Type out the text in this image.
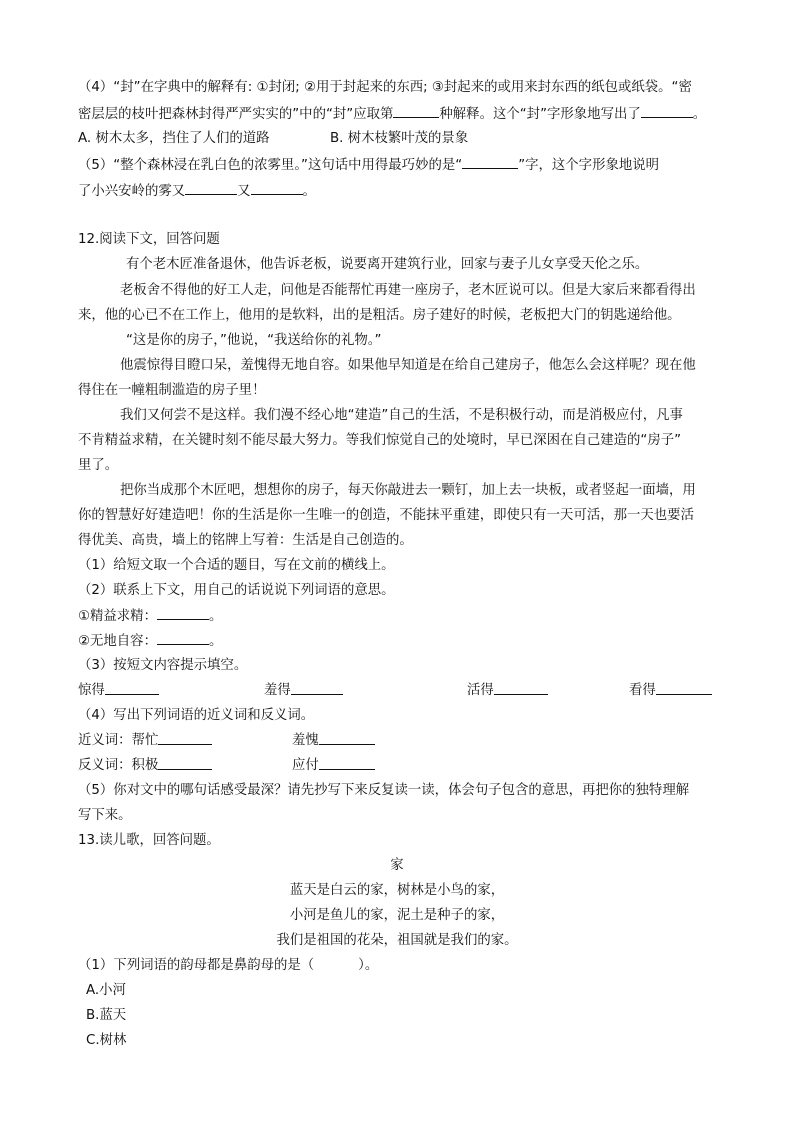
（4）“封”在字典中的解释有: ①封闭; ②用于封起来的东西; ③封起来的或用来封东西的纸包或纸袋。“密
密层层的枝叶把森林封得严严实实的”中的“封”应取第	种解释。这个“封”字形象地写出了	。
A. 树木太多，挡住了人们的道路	B. 树木枝繁叶茂的景象
（5）“整个森林浸在乳白色的浓雾里。”这句话中用得最巧妙的是“	”字，这个字形象地说明
了小兴安岭的雾又	又	。
12.阅读下文，回答问题
有个老木匠准备退休，他告诉老板，说要离开建筑行业，回家与妻子儿女享受天伦之乐。
老板舍不得他的好工人走，问他是否能帮忙再建一座房子，老木匠说可以。但是大家后来都看得出
来，他的心已不在工作上，他用的是软料，出的是粗活。房子建好的时候，老板把大门的钥匙递给他。
“这是你的房子，”他说，“我送给你的礼物。”
他震惊得目瞪口呆，羞愧得无地自容。如果他早知道是在给自己建房子，他怎么会这样呢？现在他
得住在一幢粗制滥造的房子里！
我们又何尝不是这样。我们漫不经心地“建造”自己的生活，不是积极行动，而是消极应付，凡事
不肯精益求精，在关键时刻不能尽最大努力。等我们惊觉自己的处境时，早已深困在自己建造的“房子”
里了。
把你当成那个木匠吧，想想你的房子，每天你敲进去一颗钉，加上去一块板，或者竖起一面墙，用
你的智慧好好建造吧！你的生活是你一生唯一的创造，不能抹平重建，即使只有一天可活，那一天也要活
得优美、高贵，墙上的铭牌上写着：生活是自己创造的。
（1）给短文取一个合适的题目，写在文前的横线上。
（2）联系上下文，用自己的话说说下列词语的意思。
①精益求精：	。
②无地自容：	。
（3）按短文内容提示填空。
惊得	羞得	活得	看得
（4）写出下列词语的近义词和反义词。
近义词：帮忙	羞愧
反义词：积极	应付
（5）你对文中的哪句话感受最深？请先抄写下来反复读一读，体会句子包含的意思，再把你的独特理解
写下来。
13.读儿歌，回答问题。
家
蓝天是白云的家，树林是小鸟的家，
小河是鱼儿的家，泥土是种子的家，
我们是祖国的花朵，祖国就是我们的家。
（1）下列词语的韵母都是鼻韵母的是（	）。
A.小河
B.蓝天
C.树林
